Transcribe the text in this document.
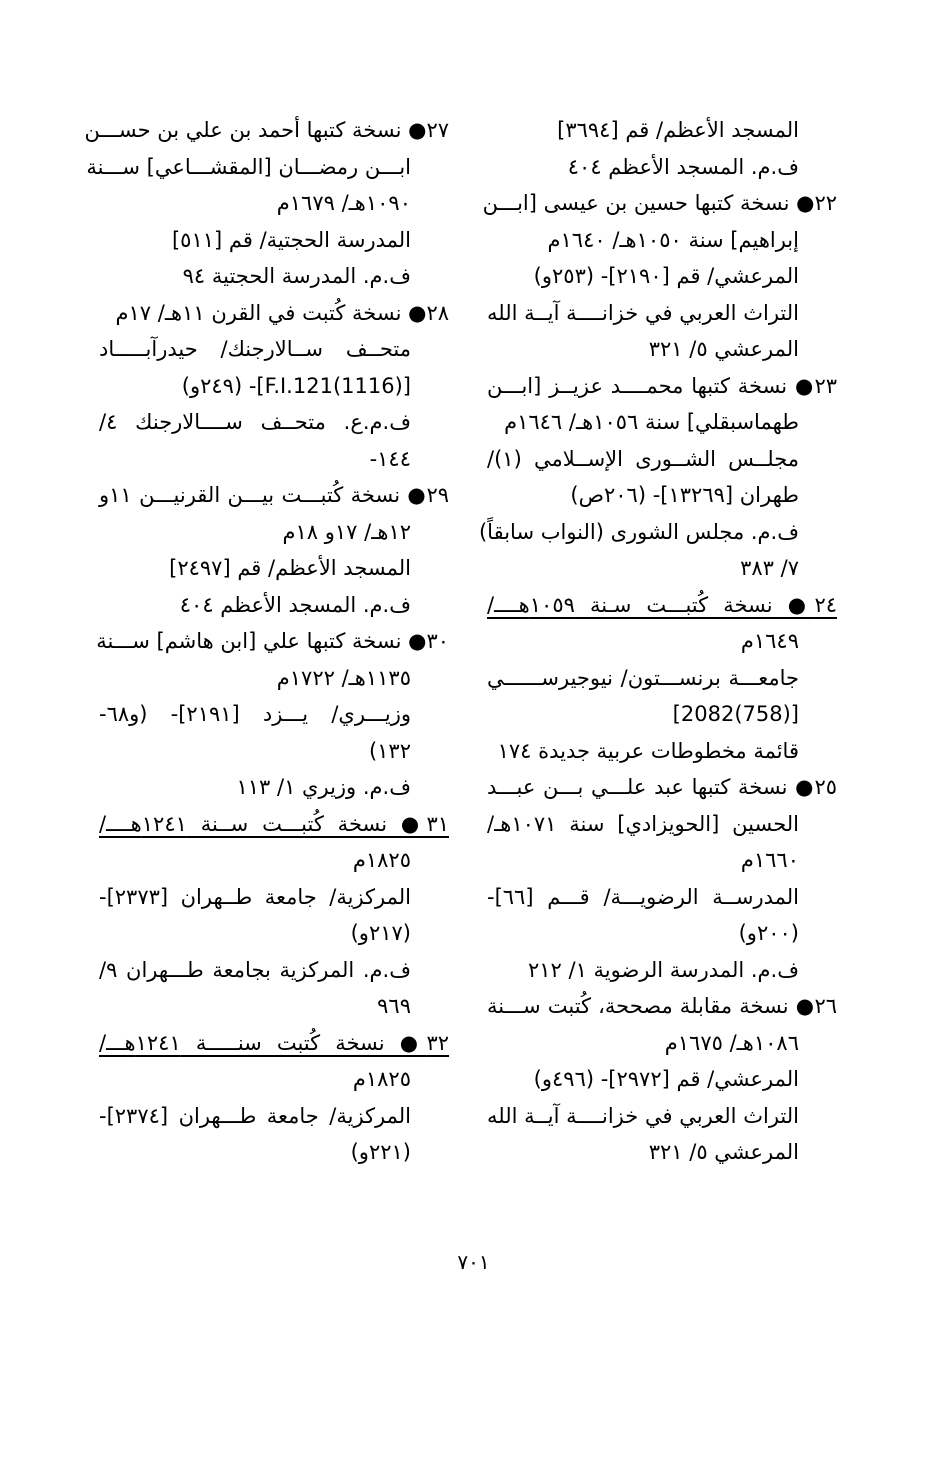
المسجد الأعظم/ قم [٣٦٩٤]
ف.م. المسجد الأعظم ٤٠٤
٢٢● نسخة كتبها حسين بن عيسى [ابـــن
إبراهيم] سنة ١٠٥٠هـ/ ١٦٤٠م
المرعشي/ قم [٢١٩٠]- (٢٥٣و)
التراث العربي في خزانــــة آيــة الله
المرعشي ٥/ ٣٢١
٢٣● نسخة كتبها محمــــد عزيــز [ابـــن
طهماسبقلي] سنة ١٠٥٦هـ/ ١٦٤٦م
مجلــس الشــورى الإســلامي (١)/
طهران [١٣٢٦٩]- (٢٠٦ص)
ف.م. مجلس الشورى (النواب سابقاً)
٧/ ٣٨٣
٢٤● نسخة كُتبـــت سـنة ١٠٥٩هــــ/
١٦٤٩م
جامعـــة برنســـتون/ نيوجيرســــــي
[(758)2082]
قائمة مخطوطات عربية جديدة ١٧٤
٢٥● نسخة كتبها عبد علـــي بـــن عبـــد
الحسين [الحويزادي] سنة ١٠٧١هـ/
١٦٦٠م
المدرســة الرضويـــة/ قـــم [٦٦]-
(٢٠٠و)
ف.م. المدرسة الرضوية ١/ ٢١٢
٢٦● نسخة مقابلة مصححة، كُتبت ســـنة
١٠٨٦هـ/ ١٦٧٥م
المرعشي/ قم [٢٩٧٢]- (٤٩٦و)
التراث العربي في خزانــــة آيــة الله
المرعشي ٥/ ٣٢١
٢٧● نسخة كتبها أحمد بن علي بن حســـن
ابـــن رمضـــان [المقشـــاعي] ســـنة
١٠٩٠هـ/ ١٦٧٩م
المدرسة الحجتية/ قم [٥١١]
ف.م. المدرسة الحجتية ٩٤
٢٨● نسخة كُتبت في القرن ١١هـ/ ١٧م
متحــف ســالارجنك/ حيدرآبـــــاد
[(1116)F.I.121]- (٢٤٩و)
ف.م.ع. متحــف ســــالارجنك ٤/
١٤٤-
٢٩● نسخة كُتبـــت بيـــن القرنيـــن ١١و
١٢هـ/ ١٧و ١٨م
المسجد الأعظم/ قم [٢٤٩٧]
ف.م. المسجد الأعظم ٤٠٤
٣٠● نسخة كتبها علي [ابن هاشم] ســـنة
١١٣٥هـ/ ١٧٢٢م
وزيـــري/ يـــزد [٢١٩١]- (و٦٨-
١٣٢)
ف.م. وزيري ١/ ١١٣
٣١● نسخة كُتبـــت ســنة ١٢٤١هــــ/
١٨٢٥م
المركزية/ جامعة طــهران [٢٣٧٣]-
(٢١٧و)
ف.م. المركزية بجامعة طـــهران ٩/
٩٦٩
٣٢● نسخة كُتبت سنـــــة ١٢٤١هـــ/
١٨٢٥م
المركزية/ جامعة طـــهران [٢٣٧٤]-
(٢٢١و)
٧٠١
